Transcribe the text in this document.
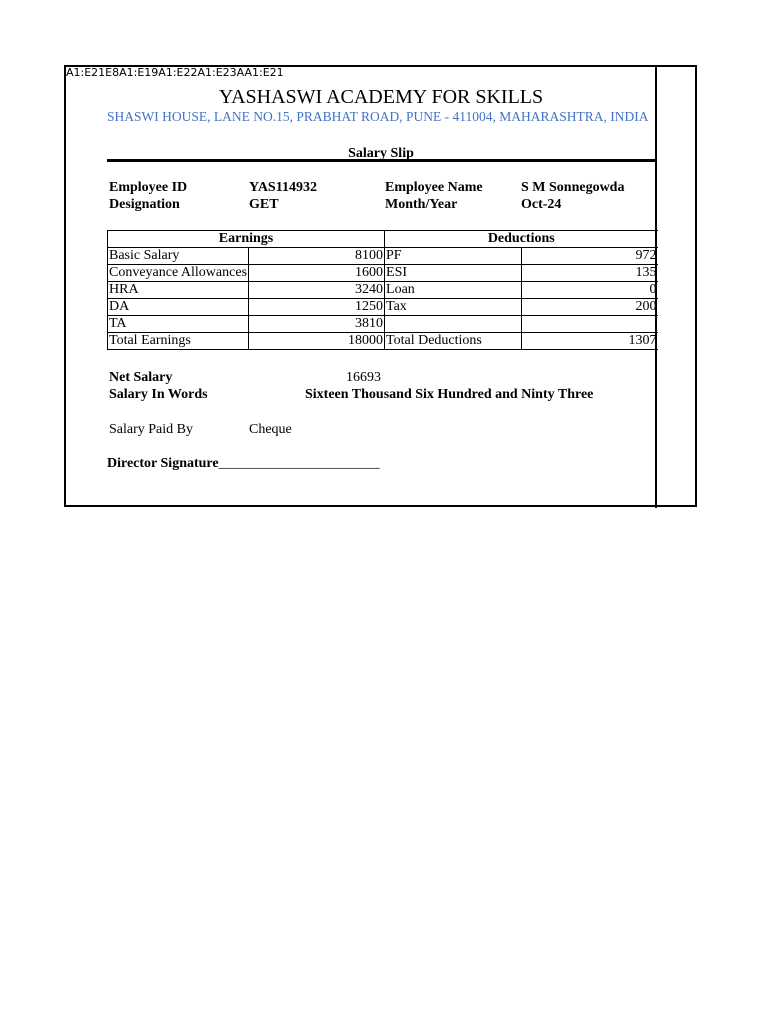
A1:E21E8A1:E19A1:E22A1:E23AA1:E21
YASHASWI ACADEMY FOR SKILLS
SHASWI HOUSE, LANE NO.15, PRABHAT ROAD, PUNE - 411004, MAHARASHTRA, INDIA
Salary Slip
Employee ID	YAS114932	Employee Name	S M Sonnegowda
Designation	GET	Month/Year	Oct-24
Earnings		Deductions	
Basic Salary	8100	PF	972
Conveyance Allowances	1600	ESI	135
HRA	3240	Loan	0
DA	1250	Tax	200
TA	3810		
Total Earnings	18000	Total Deductions	1307
Net Salary	16693
Salary In Words	Sixteen Thousand Six Hundred and Ninty Three
Salary Paid By	Cheque
Director Signature_______________________
